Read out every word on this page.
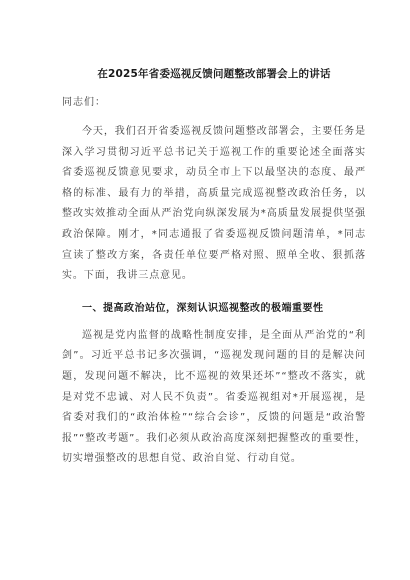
在2025年省委巡视反馈问题整改部署会上的讲话
同志们：

今天，我们召开省委巡视反馈问题整改部署会，主要任务是深入学习贯彻习近平总书记关于巡视工作的重要论述全面落实省委巡视反馈意见要求，动员全市上下以最坚决的态度、最严格的标准、最有力的举措，高质量完成巡视整改政治任务，以整改实效推动全面从严治党向纵深发展为*高质量发展提供坚强政治保障。刚才，*同志通报了省委巡视反馈问题清单，*同志宣读了整改方案，各责任单位要严格对照、照单全收、狠抓落实。下面，我讲三点意见。

一、提高政治站位，深刻认识巡视整改的极端重要性

巡视是党内监督的战略性制度安排，是全面从严治党的“利剑”。习近平总书记多次强调，“巡视发现问题的目的是解决问题，发现问题不解决，比不巡视的效果还坏”“整改不落实，就是对党不忠诚、对人民不负责”。省委巡视组对*开展巡视，是省委对我们的“政治体检”“综合会诊”，反馈的问题是“政治警报”“整改考题”。我们必须从政治高度深刻把握整改的重要性，切实增强整改的思想自觉、政治自觉、行动自觉。
